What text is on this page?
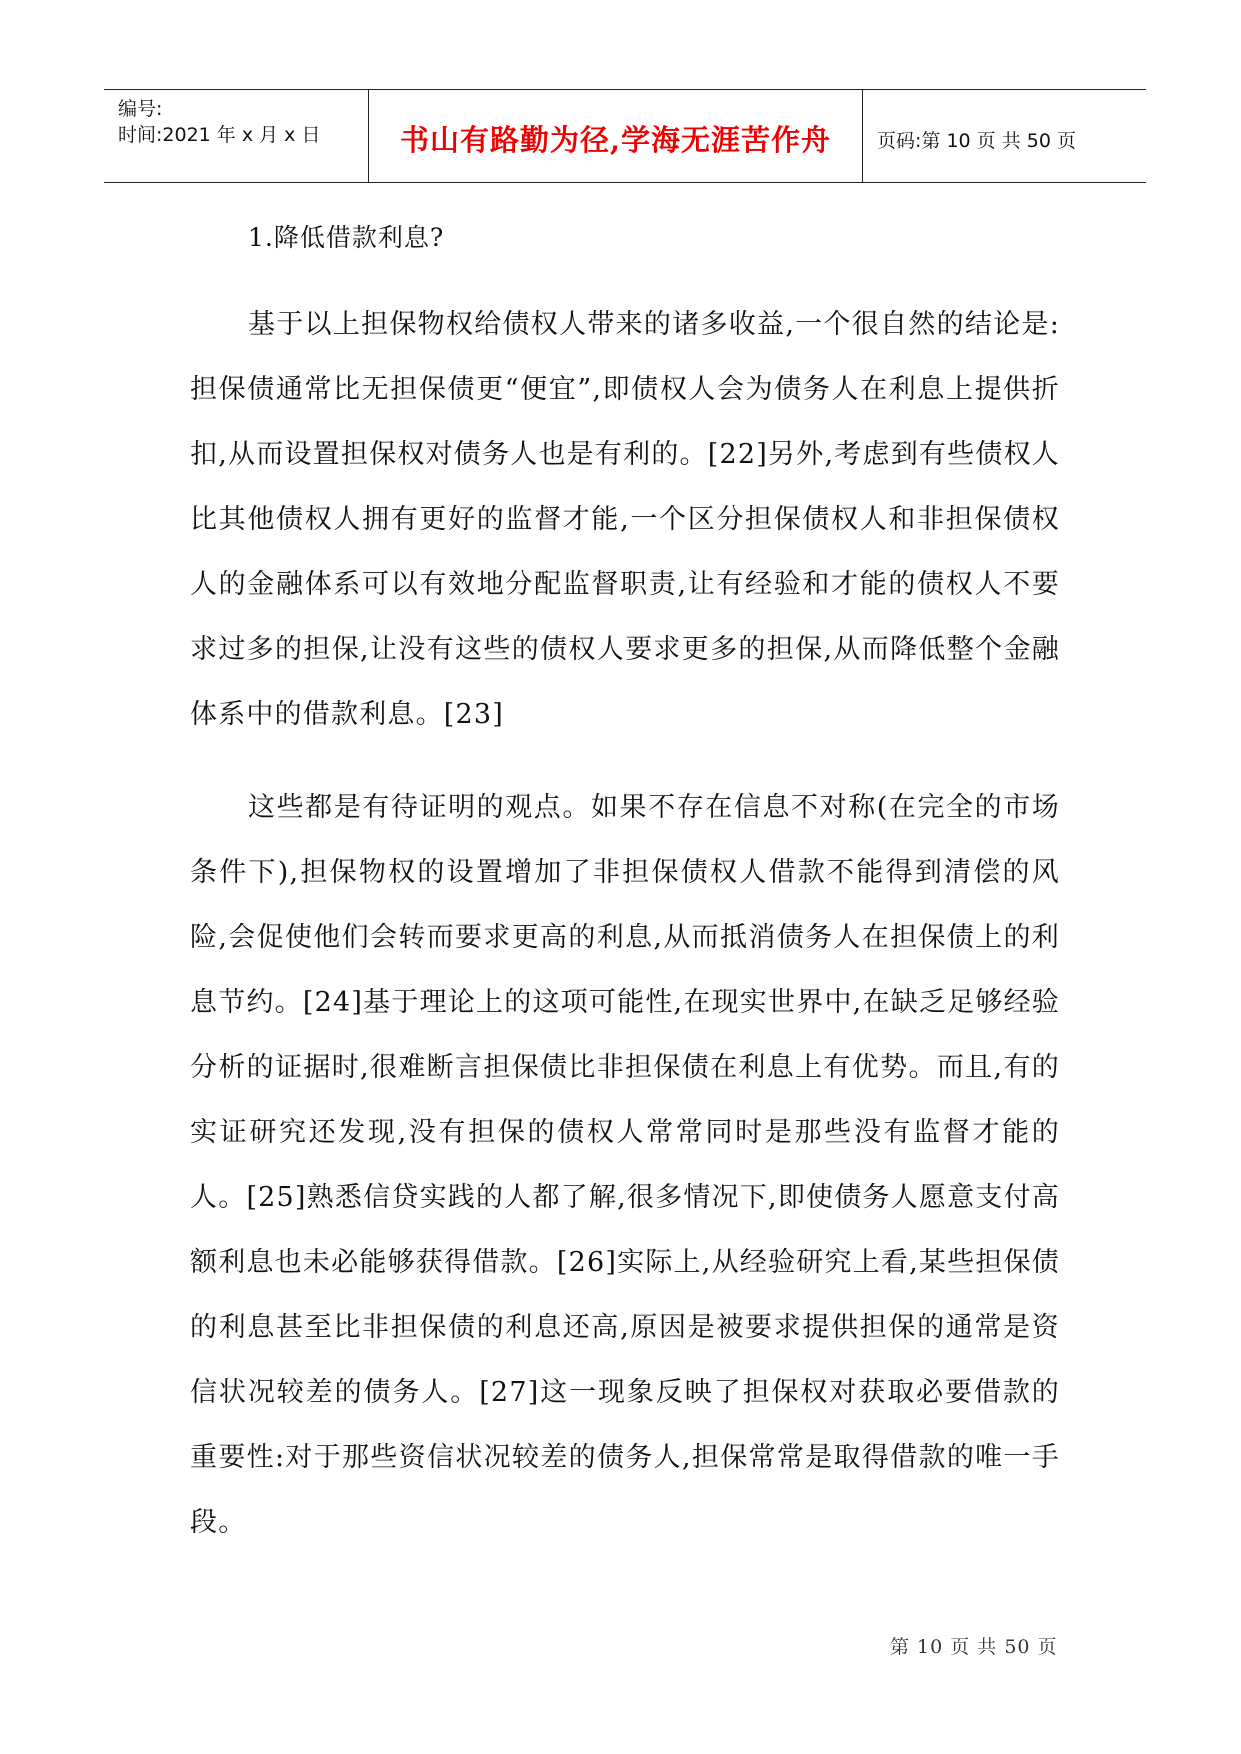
编号:
时间:2021 年 x 月 x 日	书山有路勤为径,学海无涯苦作舟	页码:第 10 页 共 50 页
1.降低借款利息?

基于以上担保物权给债权人带来的诸多收益,一个很自然的结论是:担保债通常比无担保债更“便宜”,即债权人会为债务人在利息上提供折扣,从而设置担保权对债务人也是有利的。[22]另外,考虑到有些债权人比其他债权人拥有更好的监督才能,一个区分担保债权人和非担保债权人的金融体系可以有效地分配监督职责,让有经验和才能的债权人不要求过多的担保,让没有这些的债权人要求更多的担保,从而降低整个金融体系中的借款利息。[23]

这些都是有待证明的观点。如果不存在信息不对称(在完全的市场条件下),担保物权的设置增加了非担保债权人借款不能得到清偿的风险,会促使他们会转而要求更高的利息,从而抵消债务人在担保债上的利息节约。[24]基于理论上的这项可能性,在现实世界中,在缺乏足够经验分析的证据时,很难断言担保债比非担保债在利息上有优势。而且,有的实证研究还发现,没有担保的债权人常常同时是那些没有监督才能的人。[25]熟悉信贷实践的人都了解,很多情况下,即使债务人愿意支付高额利息也未必能够获得借款。[26]实际上,从经验研究上看,某些担保债的利息甚至比非担保债的利息还高,原因是被要求提供担保的通常是资信状况较差的债务人。[27]这一现象反映了担保权对获取必要借款的重要性:对于那些资信状况较差的债务人,担保常常是取得借款的唯一手段。

第 10 页 共 50 页
